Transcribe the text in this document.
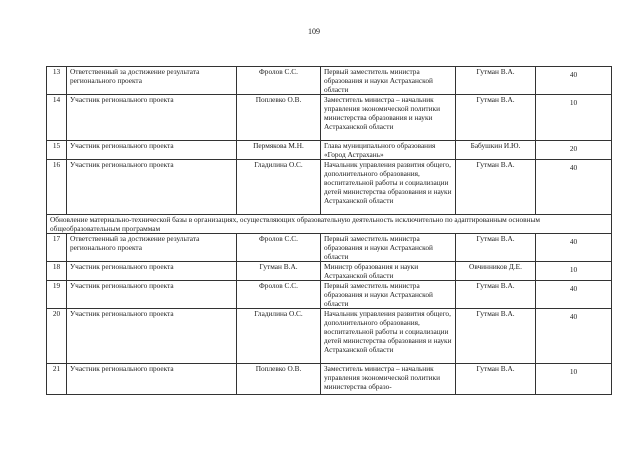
109
13	Ответственный за достижение результата регионального проекта	Фролов С.С.	Первый заместитель министра образования и науки Астраханской области	Гутман В.А.	40
14	Участник регионального проекта	Поплевко О.В.	Заместитель министра – начальник управления экономической политики министерства образования и науки Астраханской области	Гутман В.А.	10
15	Участник регионального проекта	Пермякова М.Н.	Глава муниципального образования «Город Астрахань»	Бабушкин И.Ю.	20
16	Участник регионального проекта	Гладилина О.С.	Начальник управления развития общего, дополнительного образования, воспитательной работы и социализации детей министерства образования и науки Астраханской области	Гутман В.А.	40
Обновление материально-технической базы в организациях, осуществляющих образовательную деятельность исключительно по адаптированным основным общеобразовательным программам					
17	Ответственный за достижение результата регионального проекта	Фролов С.С.	Первый заместитель министра образования и науки Астраханской области	Гутман В.А.	40
18	Участник регионального проекта	Гутман В.А.	Министр образования и науки Астраханской области	Овчинников Д.Е.	10
19	Участник регионального проекта	Фролов С.С.	Первый заместитель министра образования и науки Астраханской области	Гутман В.А.	40
20	Участник регионального проекта	Гладилина О.С.	Начальник управления развития общего, дополнительного образования, воспитательной работы и социализации детей министерства образования и науки Астраханской области	Гутман В.А.	40
21	Участник регионального проекта	Поплевко О.В.	Заместитель министра – начальник управления экономической политики министерства образо-	Гутман В.А.	10
